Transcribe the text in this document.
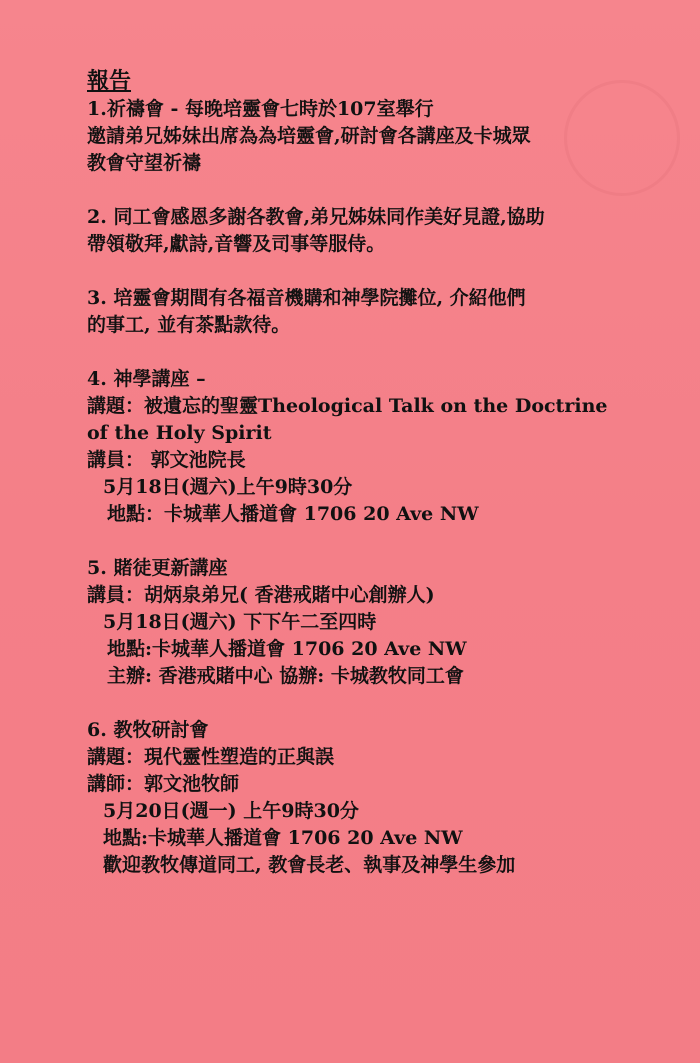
報告
1.祈禱會 - 每晚培靈會七時於107室舉行
邀請弟兄姊妹出席為為培靈會,研討會各講座及卡城眾
教會守望祈禱
2. 同工會感恩多謝各教會,弟兄姊妹同作美好見證,協助
帶領敬拜,獻詩,音響及司事等服侍。
3. 培靈會期間有各福音機購和神學院攤位, 介紹他們
的事工, 並有茶點款待。
4. 神學講座 –
講題：被遺忘的聖靈Theological Talk on the Doctrine
of the Holy Spirit
講員： 郭文池院長
5月18日(週六)上午9時30分
地點：卡城華人播道會 1706 20 Ave NW
5. 賭徒更新講座
講員：胡炳泉弟兄( 香港戒賭中心創辦人)
5月18日(週六) 下下午二至四時
地點:卡城華人播道會 1706 20 Ave NW
主辦: 香港戒賭中心 協辦: 卡城教牧同工會
6. 教牧研討會
講題：現代靈性塑造的正與誤
講師：郭文池牧師
5月20日(週一) 上午9時30分
地點:卡城華人播道會 1706 20 Ave NW
歡迎教牧傳道同工, 教會長老、執事及神學生參加
